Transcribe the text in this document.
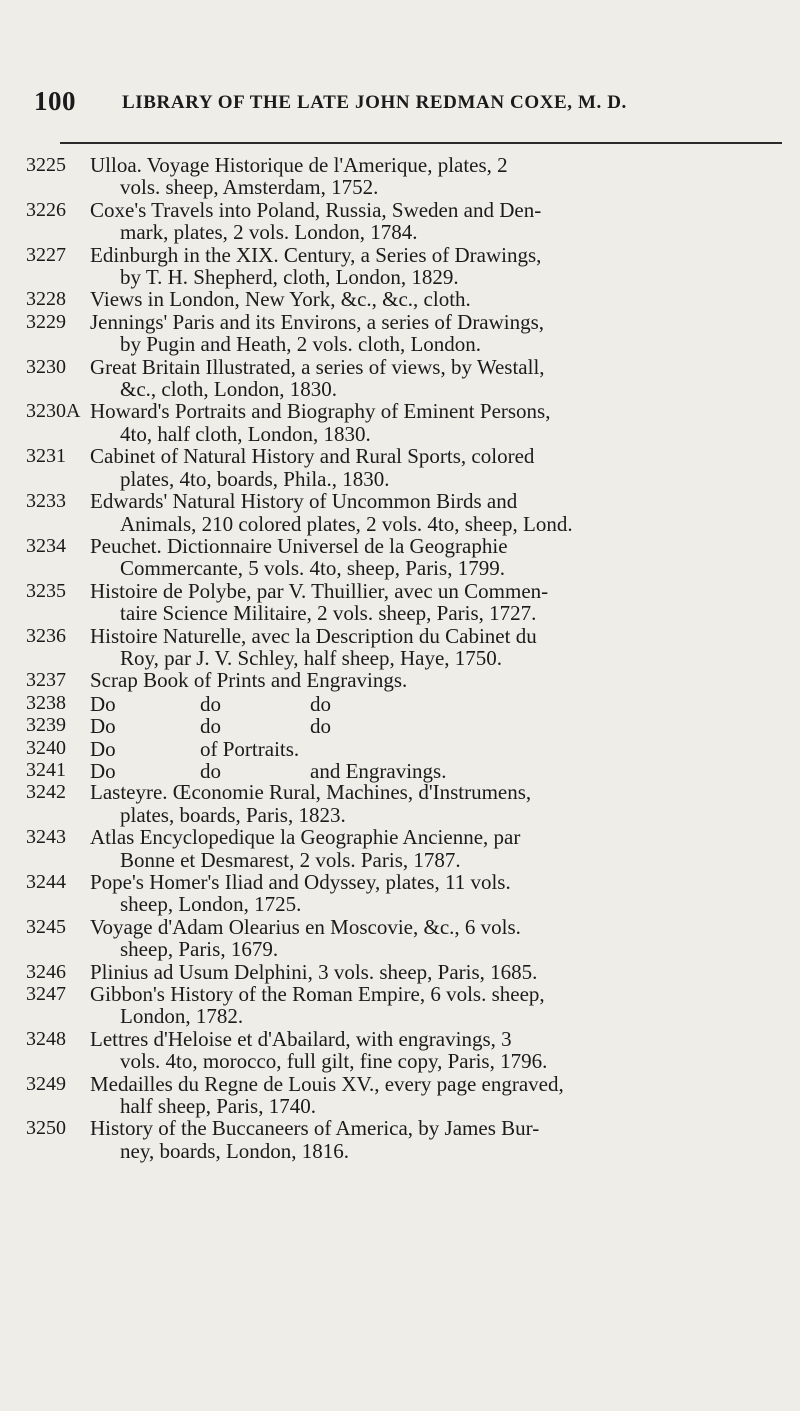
100 LIBRARY OF THE LATE JOHN REDMAN COXE, M. D.
3225	Ulloa. Voyage Historique de l'Amerique, plates, 2
vols. sheep, Amsterdam, 1752.
3226	Coxe's Travels into Poland, Russia, Sweden and Den-
mark, plates, 2 vols. London, 1784.
3227	Edinburgh in the XIX. Century, a Series of Drawings,
by T. H. Shepherd, cloth, London, 1829.
3228	Views in London, New York, &c., &c., cloth.
3229	Jennings' Paris and its Environs, a series of Drawings,
by Pugin and Heath, 2 vols. cloth, London.
3230	Great Britain Illustrated, a series of views, by Westall,
&c., cloth, London, 1830.
3230A Howard's Portraits and Biography of Eminent Persons,
4to, half cloth, London, 1830.
3231	Cabinet of Natural History and Rural Sports, colored
plates, 4to, boards, Phila., 1830.
3233	Edwards' Natural History of Uncommon Birds and
Animals, 210 colored plates, 2 vols. 4to, sheep, Lond.
3234	Peuchet. Dictionnaire Universel de la Geographie
Commercante, 5 vols. 4to, sheep, Paris, 1799.
3235	Histoire de Polybe, par V. Thuillier, avec un Commen-
taire Science Militaire, 2 vols. sheep, Paris, 1727.
3236	Histoire Naturelle, avec la Description du Cabinet du
Roy, par J. V. Schley, half sheep, Haye, 1750.
3237	Scrap Book of Prints and Engravings.
3238 Do	do	do
3239 Do	do	do
3240 Do	of Portraits.
3241 Do	do	and Engravings.
3242	Lasteyre. Œconomie Rural, Machines, d'Instrumens,
plates, boards, Paris, 1823.
3243	Atlas Encyclopedique la Geographie Ancienne, par
Bonne et Desmarest, 2 vols. Paris, 1787.
3244	Pope's Homer's Iliad and Odyssey, plates, 11 vols.
sheep, London, 1725.
3245	Voyage d'Adam Olearius en Moscovie, &c., 6 vols.
sheep, Paris, 1679.
3246	Plinius ad Usum Delphini, 3 vols. sheep, Paris, 1685.
3247	Gibbon's History of the Roman Empire, 6 vols. sheep,
London, 1782.
3248	Lettres d'Heloise et d'Abailard, with engravings, 3
vols. 4to, morocco, full gilt, fine copy, Paris, 1796.
3249	Medailles du Regne de Louis XV., every page engraved,
half sheep, Paris, 1740.
3250	History of the Buccaneers of America, by James Bur-
ney, boards, London, 1816.
